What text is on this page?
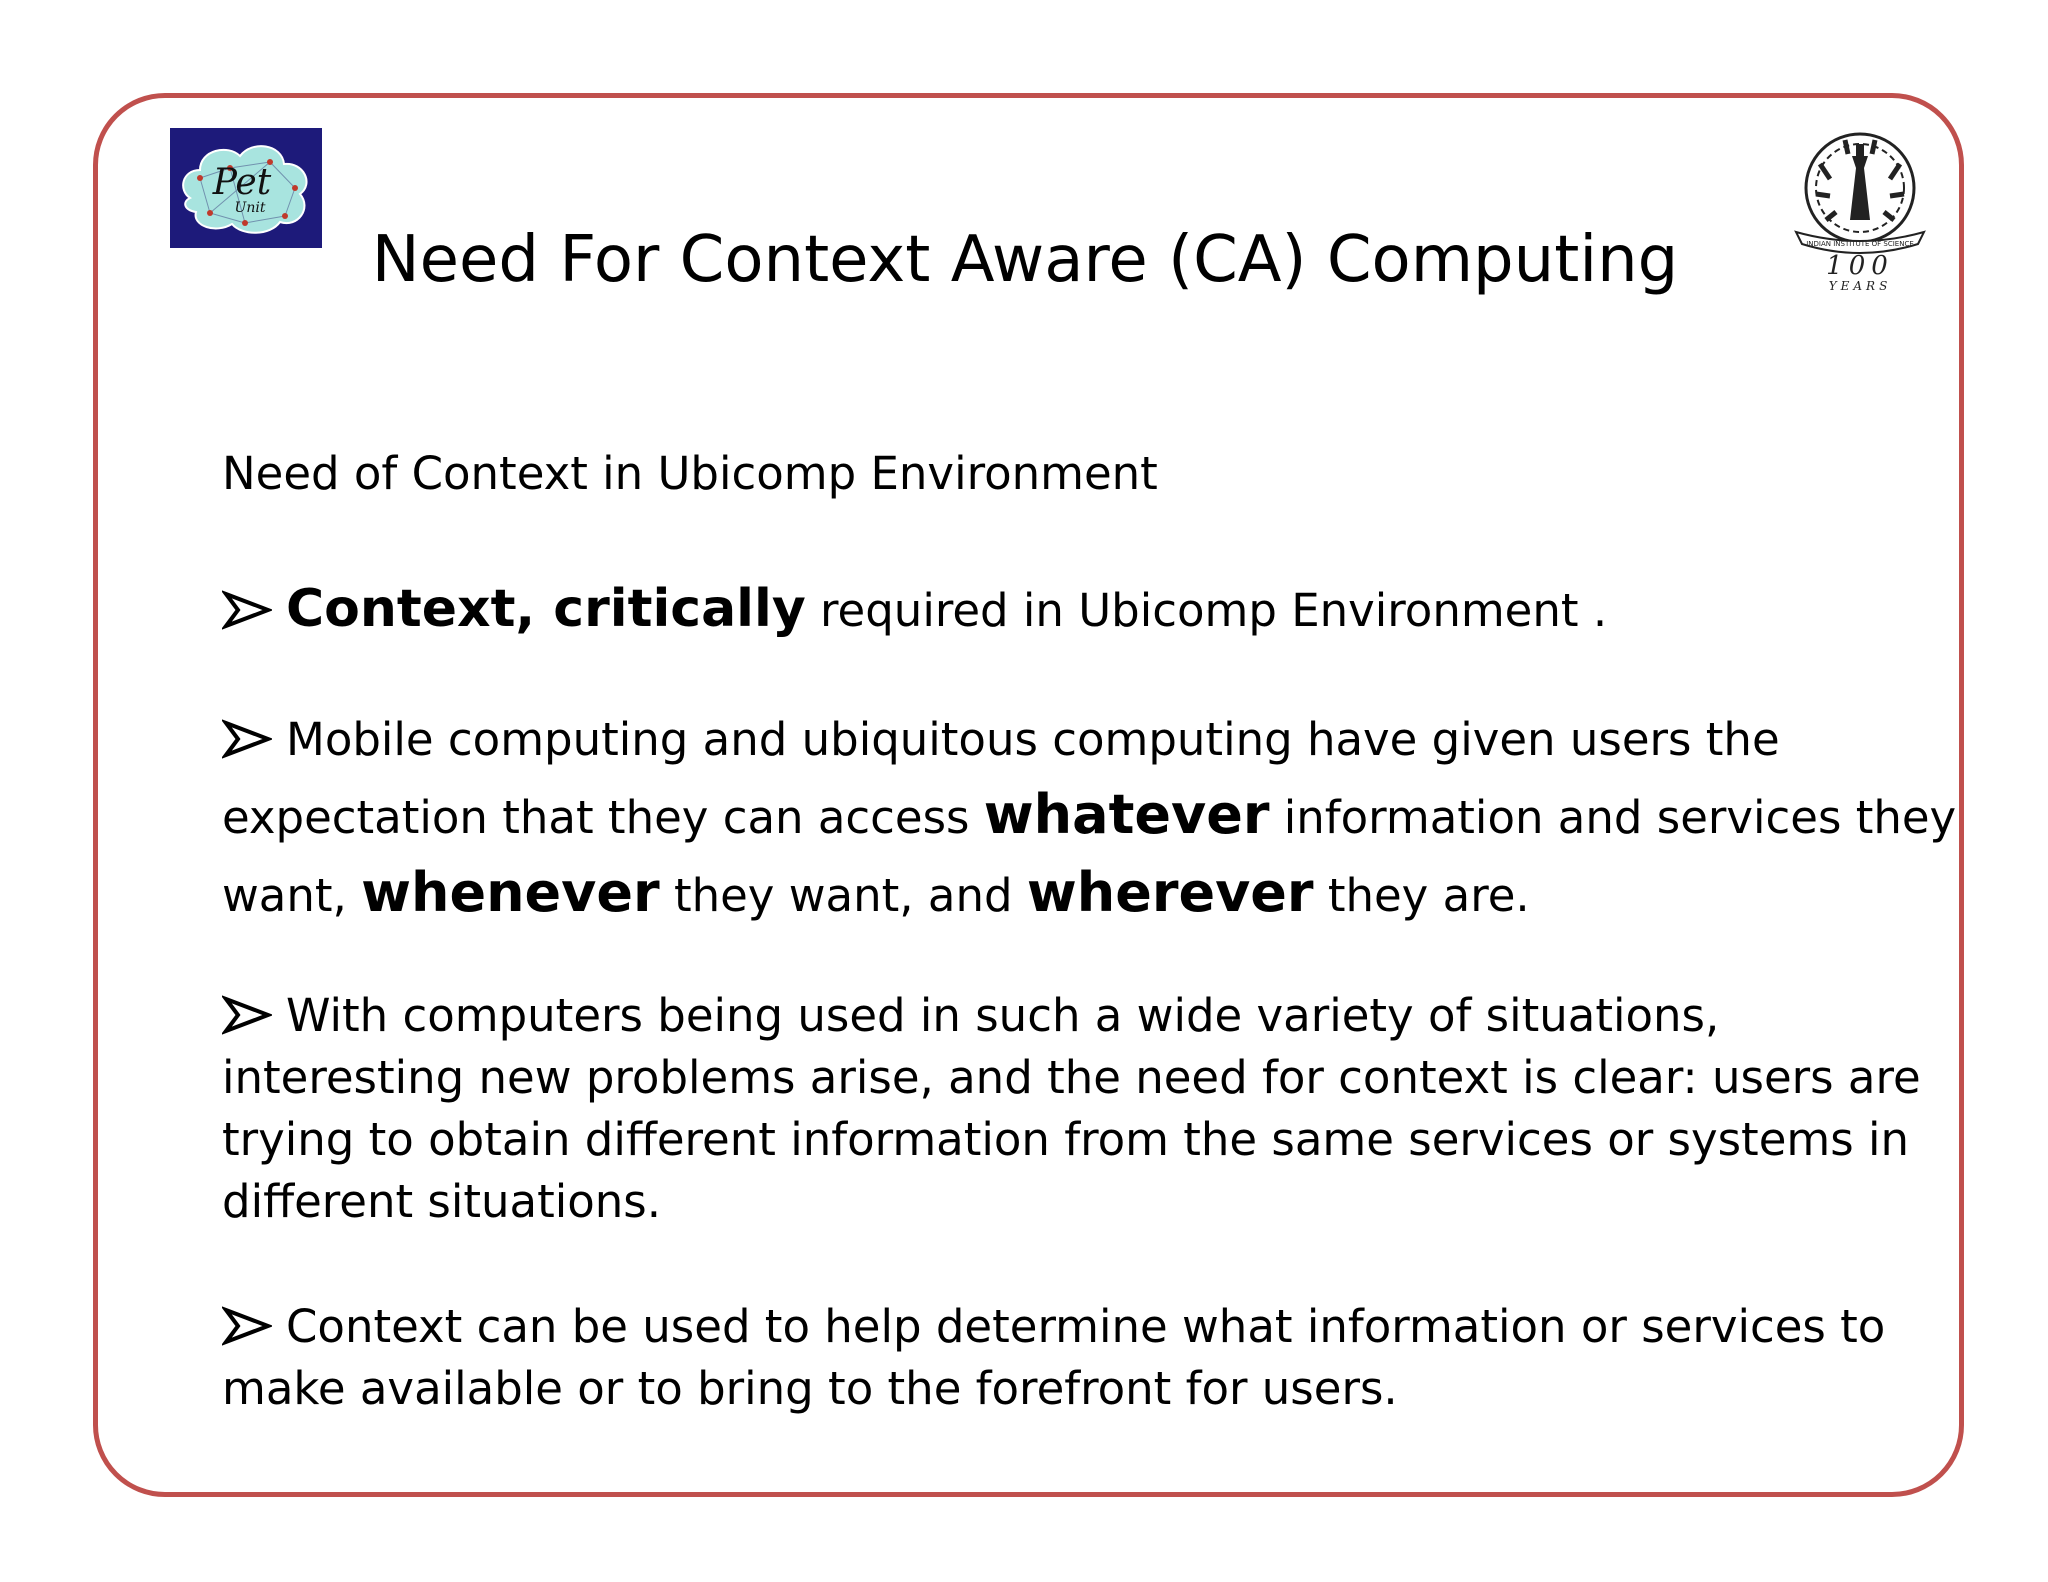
Pet
Unit
INDIAN INSTITUTE OF SCIENCE
100
YEARS
Need For Context Aware (CA) Computing
Need of Context in Ubicomp Environment
Context, critically required in Ubicomp Environment .
Mobile computing and ubiquitous computing have given users the
expectation that they can access whatever information and services they
want, whenever they want, and wherever they are.
With computers being used in such a wide variety of situations,
interesting new problems arise, and the need for context is clear: users are
trying to obtain different information from the same services or systems in
different situations.
Context can be used to help determine what information or services to
make available or to bring to the forefront for users.
